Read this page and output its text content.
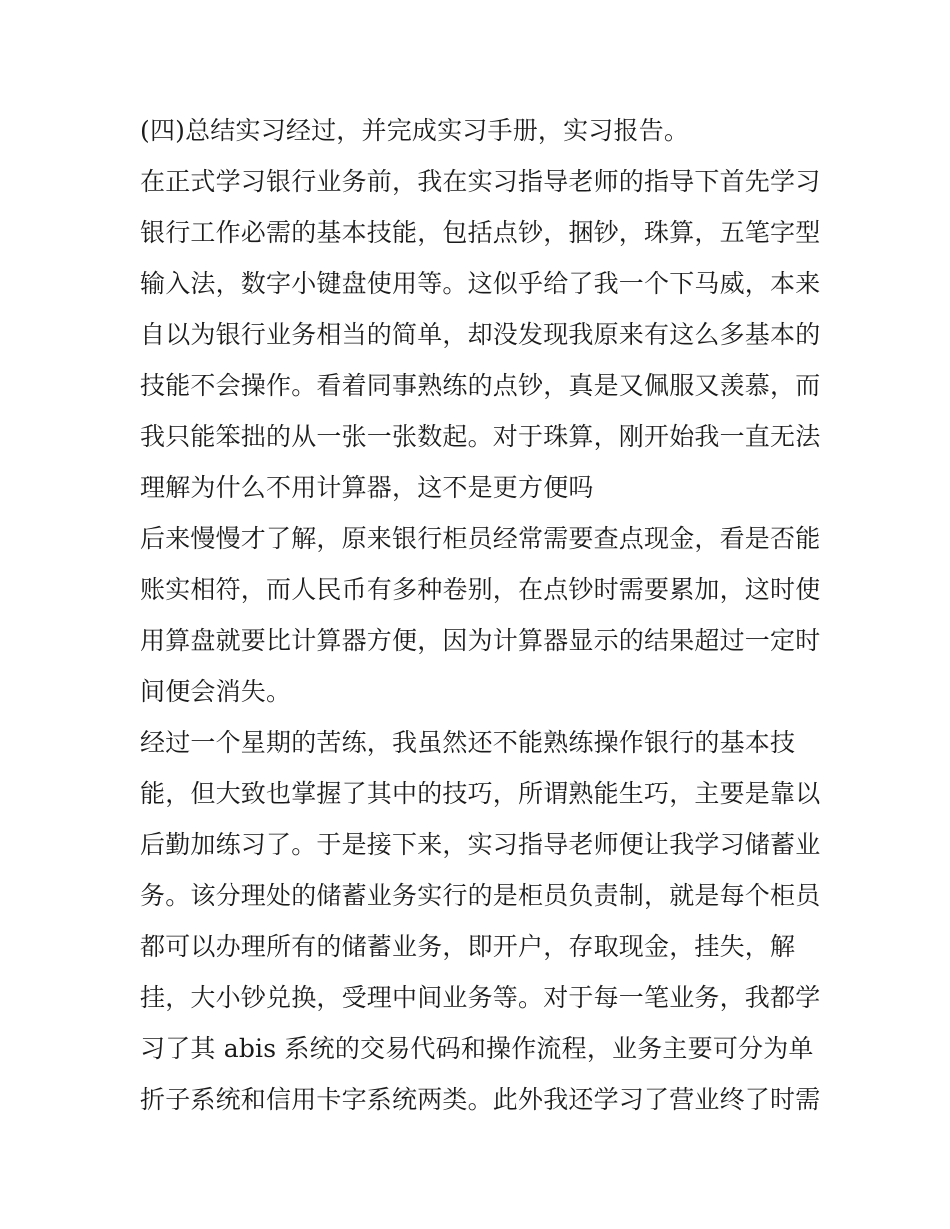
(四)总结实习经过，并完成实习手册，实习报告。
在正式学习银行业务前，我在实习指导老师的指导下首先学习
银行工作必需的基本技能，包括点钞，捆钞，珠算，五笔字型
输入法，数字小键盘使用等。这似乎给了我一个下马威，本来
自以为银行业务相当的简单，却没发现我原来有这么多基本的
技能不会操作。看着同事熟练的点钞，真是又佩服又羡慕，而
我只能笨拙的从一张一张数起。对于珠算，刚开始我一直无法
理解为什么不用计算器，这不是更方便吗
后来慢慢才了解，原来银行柜员经常需要查点现金，看是否能
账实相符，而人民币有多种卷别，在点钞时需要累加，这时使
用算盘就要比计算器方便，因为计算器显示的结果超过一定时
间便会消失。
经过一个星期的苦练，我虽然还不能熟练操作银行的基本技
能，但大致也掌握了其中的技巧，所谓熟能生巧，主要是靠以
后勤加练习了。于是接下来，实习指导老师便让我学习储蓄业
务。该分理处的储蓄业务实行的是柜员负责制，就是每个柜员
都可以办理所有的储蓄业务，即开户，存取现金，挂失，解
挂，大小钞兑换，受理中间业务等。对于每一笔业务，我都学
习了其 abis 系统的交易代码和操作流程，业务主要可分为单
折子系统和信用卡字系统两类。此外我还学习了营业终了时需
